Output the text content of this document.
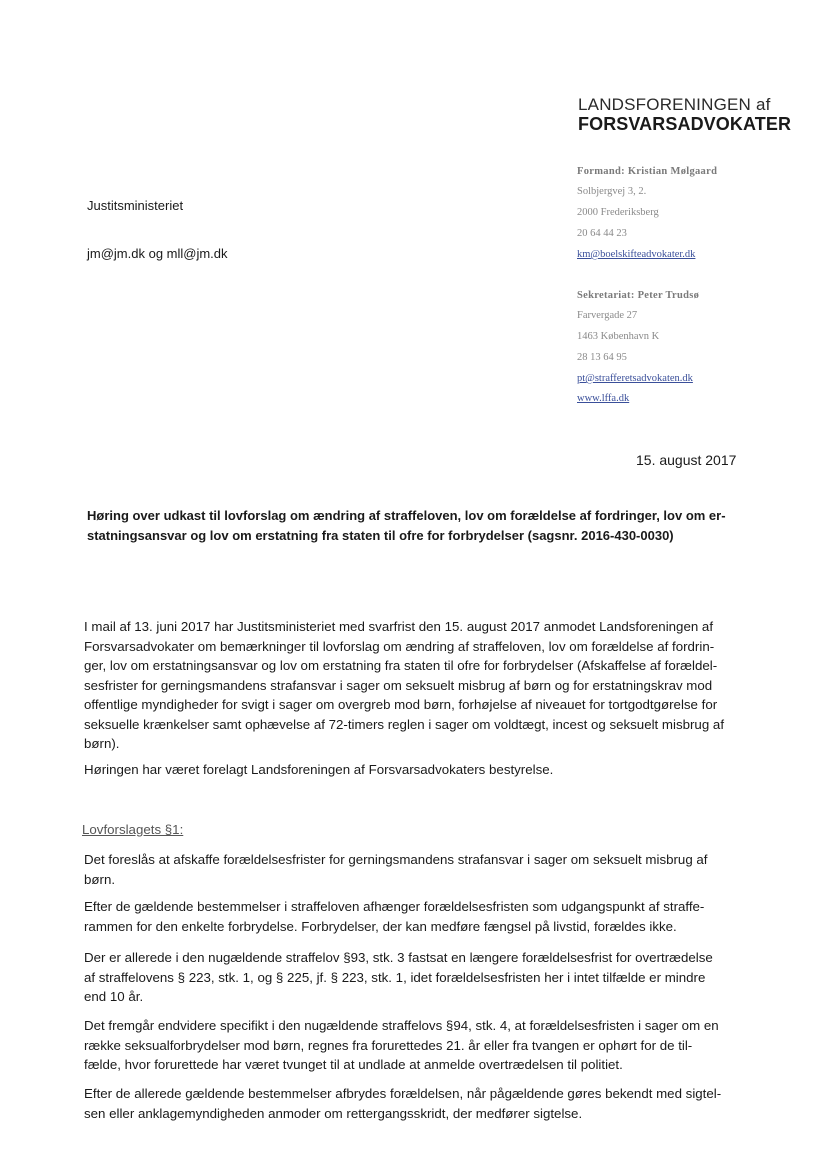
LANDSFORENINGEN af
FORSVARSADVOKATER
Formand: Kristian Mølgaard
Solbjergvej 3, 2.
2000 Frederiksberg
20 64 44 23
km@boelskifteadvokater.dk
Sekretariat: Peter Trudsø
Farvergade 27
1463 København K
28 13 64 95
pt@strafferetsadvokaten.dk
www.lffa.dk
Justitsministeriet
jm@jm.dk og mll@jm.dk
15. august 2017
Høring over udkast til lovforslag om ændring af straffeloven, lov om forældelse af fordringer, lov om er-
statningsansvar og lov om erstatning fra staten til ofre for forbrydelser (sagsnr. 2016-430-0030)
I mail af 13. juni 2017 har Justitsministeriet med svarfrist den 15. august 2017 anmodet Landsforeningen af
Forsvarsadvokater om bemærkninger til lovforslag om ændring af straffeloven, lov om forældelse af fordrin-
ger, lov om erstatningsansvar og lov om erstatning fra staten til ofre for forbrydelser (Afskaffelse af forældel-
sesfrister for gerningsmandens strafansvar i sager om seksuelt misbrug af børn og for erstatningskrav mod
offentlige myndigheder for svigt i sager om overgreb mod børn, forhøjelse af niveauet for tortgodtgørelse for
seksuelle krænkelser samt ophævelse af 72-timers reglen i sager om voldtægt, incest og seksuelt misbrug af
børn).
Høringen har været forelagt Landsforeningen af Forsvarsadvokaters bestyrelse.
Lovforslagets §1:
Det foreslås at afskaffe forældelsesfrister for gerningsmandens strafansvar i sager om seksuelt misbrug af
børn.
Efter de gældende bestemmelser i straffeloven afhænger forældelsesfristen som udgangspunkt af straffe-
rammen for den enkelte forbrydelse. Forbrydelser, der kan medføre fængsel på livstid, forældes ikke.
Der er allerede i den nugældende straffelov §93, stk. 3 fastsat en længere forældelsesfrist for overtrædelse
af straffelovens § 223, stk. 1, og § 225, jf. § 223, stk. 1, idet forældelsesfristen her i intet tilfælde er mindre
end 10 år.
Det fremgår endvidere specifikt i den nugældende straffelovs §94, stk. 4, at forældelsesfristen i sager om en
række seksualforbrydelser mod børn, regnes fra forurettedes 21. år eller fra tvangen er ophørt for de til-
fælde, hvor forurettede har været tvunget til at undlade at anmelde overtrædelsen til politiet.
Efter de allerede gældende bestemmelser afbrydes forældelsen, når pågældende gøres bekendt med sigtel-
sen eller anklagemyndigheden anmoder om rettergangsskridt, der medfører sigtelse.
